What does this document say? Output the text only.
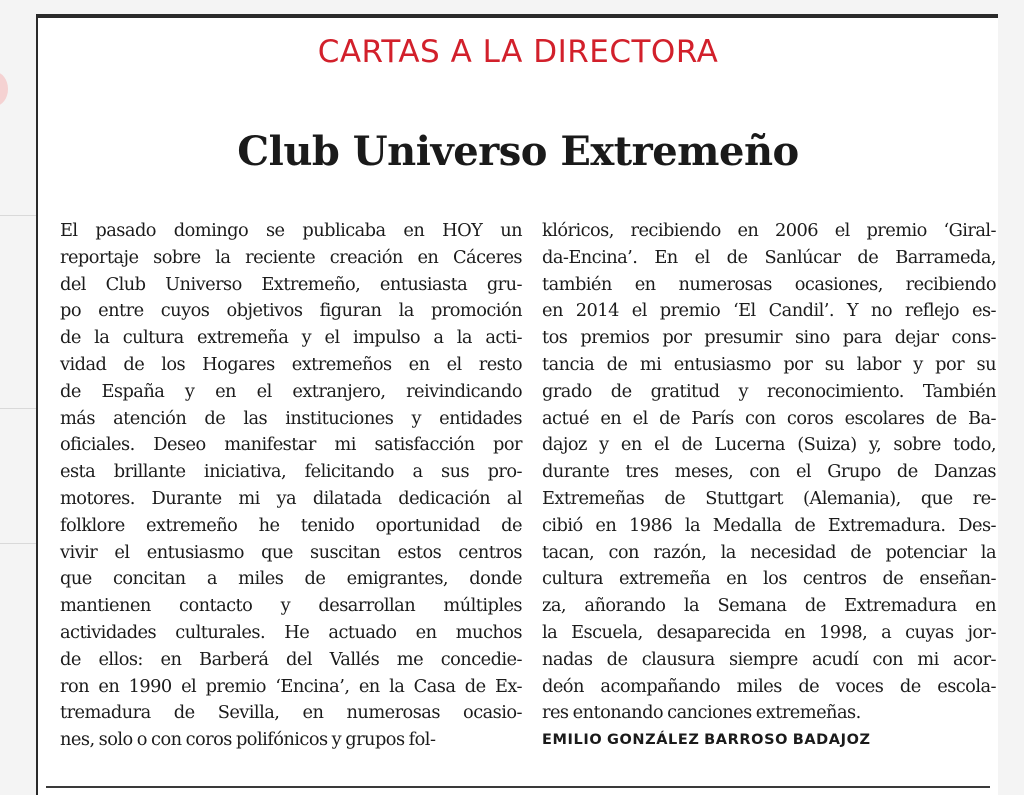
CARTAS A LA DIRECTORA
Club Universo Extremeño
El pasado domingo se publicaba en HOY un
reportaje sobre la reciente creación en Cáceres
del Club Universo Extremeño, entusiasta gru-
po entre cuyos objetivos figuran la promoción
de la cultura extremeña y el impulso a la acti-
vidad de los Hogares extremeños en el resto
de España y en el extranjero, reivindicando
más atención de las instituciones y entidades
oficiales. Deseo manifestar mi satisfacción por
esta brillante iniciativa, felicitando a sus pro-
motores. Durante mi ya dilatada dedicación al
folklore extremeño he tenido oportunidad de
vivir el entusiasmo que suscitan estos centros
que concitan a miles de emigrantes, donde
mantienen contacto y desarrollan múltiples
actividades culturales. He actuado en muchos
de ellos: en Barberá del Vallés me concedie-
ron en 1990 el premio ‘Encina’, en la Casa de Ex-
tremadura de Sevilla, en numerosas ocasio-
nes, solo o con coros polifónicos y grupos fol-
klóricos, recibiendo en 2006 el premio ‘Giral-
da-Encina’. En el de Sanlúcar de Barrameda,
también en numerosas ocasiones, recibiendo
en 2014 el premio ‘El Candil’. Y no reflejo es-
tos premios por presumir sino para dejar cons-
tancia de mi entusiasmo por su labor y por su
grado de gratitud y reconocimiento. También
actué en el de París con coros escolares de Ba-
dajoz y en el de Lucerna (Suiza) y, sobre todo,
durante tres meses, con el Grupo de Danzas
Extremeñas de Stuttgart (Alemania), que re-
cibió en 1986 la Medalla de Extremadura. Des-
tacan, con razón, la necesidad de potenciar la
cultura extremeña en los centros de enseñan-
za, añorando la Semana de Extremadura en
la Escuela, desaparecida en 1998, a cuyas jor-
nadas de clausura siempre acudí con mi acor-
deón acompañando miles de voces de escola-
res entonando canciones extremeñas.
EMILIO GONZÁLEZ BARROSO BADAJOZ
